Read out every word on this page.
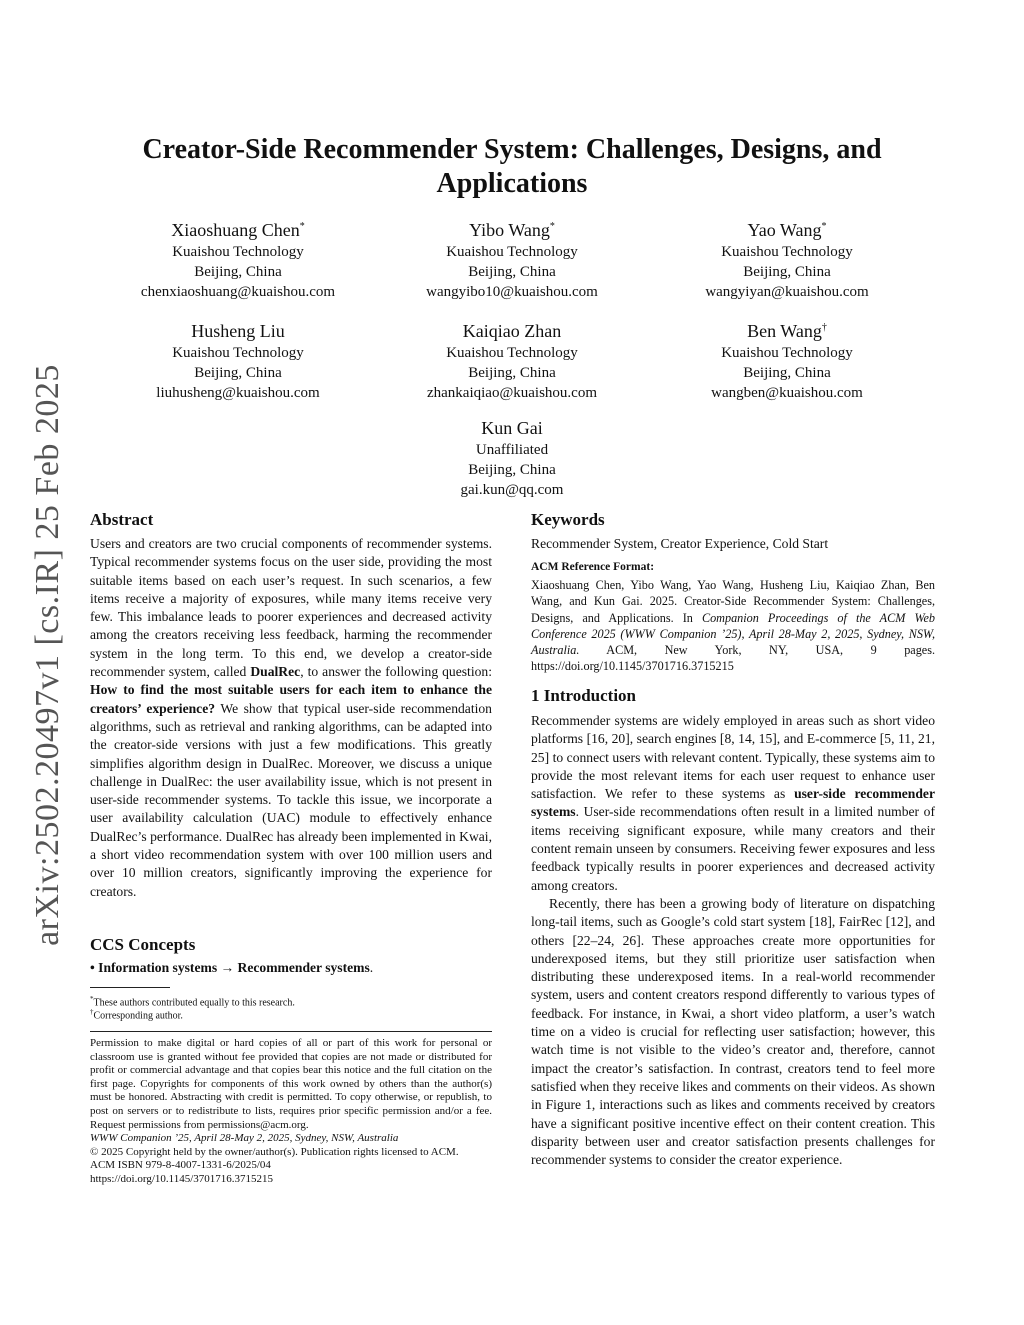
arXiv:2502.20497v1 [cs.IR] 25 Feb 2025
Creator-Side Recommender System: Challenges, Designs, and Applications
Xiaoshuang Chen*
Kuaishou Technology
Beijing, China
chenxiaoshuang@kuaishou.com
Yibo Wang*
Kuaishou Technology
Beijing, China
wangyibo10@kuaishou.com
Yao Wang*
Kuaishou Technology
Beijing, China
wangyiyan@kuaishou.com
Husheng Liu
Kuaishou Technology
Beijing, China
liuhusheng@kuaishou.com
Kaiqiao Zhan
Kuaishou Technology
Beijing, China
zhankaiqiao@kuaishou.com
Ben Wang†
Kuaishou Technology
Beijing, China
wangben@kuaishou.com
Kun Gai
Unaffiliated
Beijing, China
gai.kun@qq.com
Abstract

Users and creators are two crucial components of recommender systems. Typical recommender systems focus on the user side, providing the most suitable items based on each user’s request. In such scenarios, a few items receive a majority of exposures, while many items receive very few. This imbalance leads to poorer experiences and decreased activity among the creators receiving less feedback, harming the recommender system in the long term. To this end, we develop a creator-side recommender system, called DualRec, to answer the following question: How to find the most suitable users for each item to enhance the creators’ experience? We show that typical user-side recommendation algorithms, such as retrieval and ranking algorithms, can be adapted into the creator-side versions with just a few modifications. This greatly simplifies algorithm design in DualRec. Moreover, we discuss a unique challenge in DualRec: the user availability issue, which is not present in user-side recommender systems. To tackle this issue, we incorporate a user availability calculation (UAC) module to effectively enhance DualRec’s performance. DualRec has already been implemented in Kwai, a short video recommendation system with over 100 million users and over 10 million creators, significantly improving the experience for creators.

CCS Concepts
• Information systems → Recommender systems.
*These authors contributed equally to this research.
†Corresponding author.
Permission to make digital or hard copies of all or part of this work for personal or classroom use is granted without fee provided that copies are not made or distributed for profit or commercial advantage and that copies bear this notice and the full citation on the first page. Copyrights for components of this work owned by others than the author(s) must be honored. Abstracting with credit is permitted. To copy otherwise, or republish, to post on servers or to redistribute to lists, requires prior specific permission and/or a fee. Request permissions from permissions@acm.org.
WWW Companion ’25, April 28-May 2, 2025, Sydney, NSW, Australia
© 2025 Copyright held by the owner/author(s). Publication rights licensed to ACM.
ACM ISBN 979-8-4007-1331-6/2025/04
https://doi.org/10.1145/3701716.3715215
Keywords
Recommender System, Creator Experience, Cold Start
ACM Reference Format:
Xiaoshuang Chen, Yibo Wang, Yao Wang, Husheng Liu, Kaiqiao Zhan, Ben Wang, and Kun Gai. 2025. Creator-Side Recommender System: Challenges, Designs, and Applications. In Companion Proceedings of the ACM Web Conference 2025 (WWW Companion ’25), April 28-May 2, 2025, Sydney, NSW, Australia. ACM, New York, NY, USA, 9 pages. https://doi.org/10.1145/3701716.3715215
1 Introduction

Recommender systems are widely employed in areas such as short video platforms [16, 20], search engines [8, 14, 15], and E-commerce [5, 11, 21, 25] to connect users with relevant content. Typically, these systems aim to provide the most relevant items for each user request to enhance user satisfaction. We refer to these systems as user-side recommender systems. User-side recommendations often result in a limited number of items receiving significant exposure, while many creators and their content remain unseen by consumers. Receiving fewer exposures and less feedback typically results in poorer experiences and decreased activity among creators.

Recently, there has been a growing body of literature on dispatching long-tail items, such as Google’s cold start system [18], FairRec [12], and others [22–24, 26]. These approaches create more opportunities for underexposed items, but they still prioritize user satisfaction when distributing these underexposed items. In a real-world recommender system, users and content creators respond differently to various types of feedback. For instance, in Kwai, a short video platform, a user’s watch time on a video is crucial for reflecting user satisfaction; however, this watch time is not visible to the video’s creator and, therefore, cannot impact the creator’s satisfaction. In contrast, creators tend to feel more satisfied when they receive likes and comments on their videos. As shown in Figure 1, interactions such as likes and comments received by creators have a significant positive incentive effect on their content creation. This disparity between user and creator satisfaction presents challenges for recommender systems to consider the creator experience.
